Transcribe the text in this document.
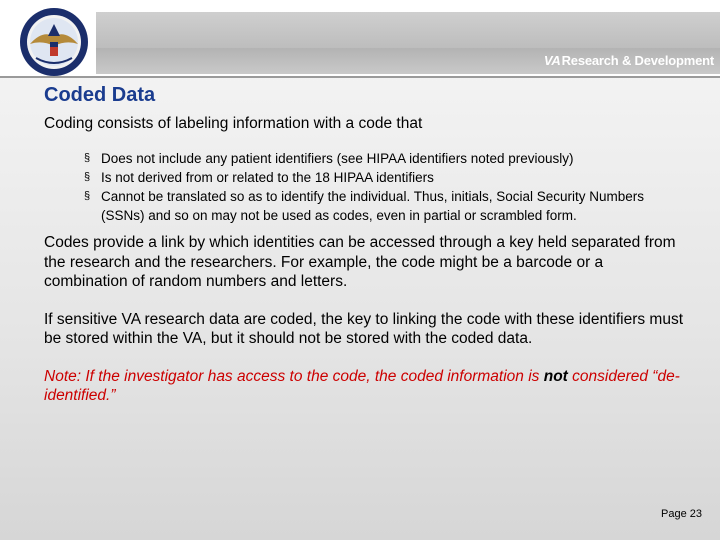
VAResearch & Development
Coded Data
Coding consists of labeling information with a code that
§ Does not include any patient identifiers (see HIPAA identifiers noted previously)
§ Is not derived from or related to the 18 HIPAA identifiers
§ Cannot be translated so as to identify the individual. Thus, initials, Social Security Numbers (SSNs) and so on may not be used as codes, even in partial or scrambled form.

Codes provide a link by which identities can be accessed through a key held separated from the research and the researchers. For example, the code might be a barcode or a combination of random numbers and letters.

If sensitive VA research data are coded, the key to linking the code with these identifiers must be stored within the VA, but it should not be stored with the coded data.

Note: If the investigator has access to the code, the coded information is not considered “de-identified.”

Page 23
